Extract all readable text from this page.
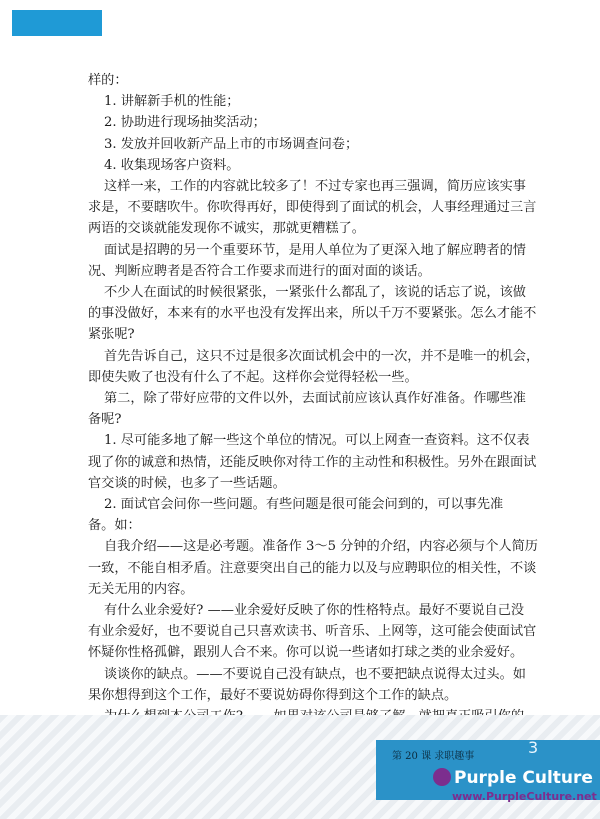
样的：
1. 讲解新手机的性能；
2. 协助进行现场抽奖活动；
3. 发放并回收新产品上市的市场调查问卷；
4. 收集现场客户资料。
这样一来，工作的内容就比较多了！不过专家也再三强调，简历应该实事
求是，不要瞎吹牛。你吹得再好，即使得到了面试的机会，人事经理通过三言
两语的交谈就能发现你不诚实，那就更糟糕了。
面试是招聘的另一个重要环节，是用人单位为了更深入地了解应聘者的情
况、判断应聘者是否符合工作要求而进行的面对面的谈话。
不少人在面试的时候很紧张，一紧张什么都乱了，该说的话忘了说，该做
的事没做好，本来有的水平也没有发挥出来，所以千万不要紧张。怎么才能不
紧张呢?
首先告诉自己，这只不过是很多次面试机会中的一次，并不是唯一的机会，
即使失败了也没有什么了不起。这样你会觉得轻松一些。
第二，除了带好应带的文件以外，去面试前应该认真作好准备。作哪些准
备呢?
1. 尽可能多地了解一些这个单位的情况。可以上网查一查资料。这不仅表
现了你的诚意和热情，还能反映你对待工作的主动性和积极性。另外在跟面试
官交谈的时候，也多了一些话题。
2. 面试官会问你一些问题。有些问题是很可能会问到的，可以事先准
备。如：
自我介绍——这是必考题。准备作 3～5 分钟的介绍，内容必须与个人简历
一致，不能自相矛盾。注意要突出自己的能力以及与应聘职位的相关性，不谈
无关无用的内容。
有什么业余爱好? ——业余爱好反映了你的性格特点。最好不要说自己没
有业余爱好，也不要说自己只喜欢读书、听音乐、上网等，这可能会使面试官
怀疑你性格孤僻，跟别人合不来。你可以说一些诸如打球之类的业余爱好。
谈谈你的缺点。——不要说自己没有缺点，也不要把缺点说得太过头。如
果你想得到这个工作，最好不要说妨碍你得到这个工作的缺点。
第 20 课 求职趣事	3
Purple Culture
www.PurpleCulture.net
